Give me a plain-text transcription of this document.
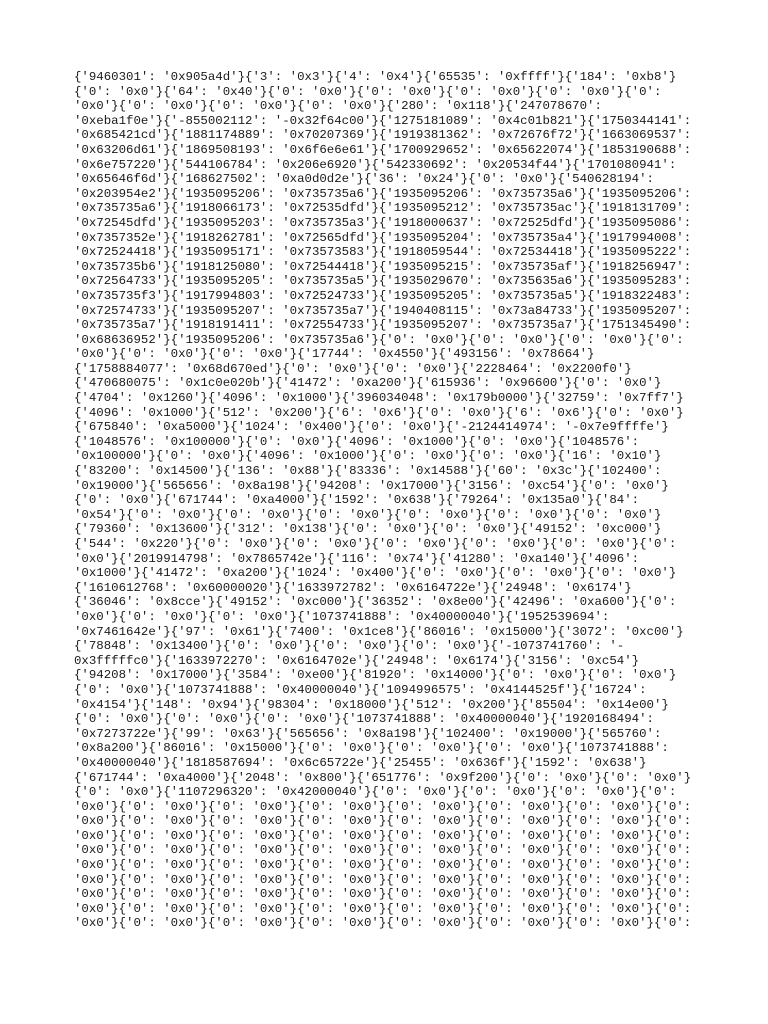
{'9460301': '0x905a4d'}{'3': '0x3'}{'4': '0x4'}{'65535': '0xffff'}{'184': '0xb8'}
{'0': '0x0'}{'64': '0x40'}{'0': '0x0'}{'0': '0x0'}{'0': '0x0'}{'0': '0x0'}{'0':
'0x0'}{'0': '0x0'}{'0': '0x0'}{'0': '0x0'}{'280': '0x118'}{'247078670':
'0xeba1f0e'}{'-855002112': '-0x32f64c00'}{'1275181089': '0x4c01b821'}{'1750344141':
'0x685421cd'}{'1881174889': '0x70207369'}{'1919381362': '0x72676f72'}{'1663069537':
'0x63206d61'}{'1869508193': '0x6f6e6e61'}{'1700929652': '0x65622074'}{'1853190688':
'0x6e757220'}{'544106784': '0x206e6920'}{'542330692': '0x20534f44'}{'1701080941':
'0x65646f6d'}{'168627502': '0xa0d0d2e'}{'36': '0x24'}{'0': '0x0'}{'540628194':
'0x203954e2'}{'1935095206': '0x735735a6'}{'1935095206': '0x735735a6'}{'1935095206':
'0x735735a6'}{'1918066173': '0x72535dfd'}{'1935095212': '0x735735ac'}{'1918131709':
'0x72545dfd'}{'1935095203': '0x735735a3'}{'1918000637': '0x72525dfd'}{'1935095086':
'0x7357352e'}{'1918262781': '0x72565dfd'}{'1935095204': '0x735735a4'}{'1917994008':
'0x72524418'}{'1935095171': '0x73573583'}{'1918059544': '0x72534418'}{'1935095222':
'0x735735b6'}{'1918125080': '0x72544418'}{'1935095215': '0x735735af'}{'1918256947':
'0x72564733'}{'1935095205': '0x735735a5'}{'1935029670': '0x735635a6'}{'1935095283':
'0x735735f3'}{'1917994803': '0x72524733'}{'1935095205': '0x735735a5'}{'1918322483':
'0x72574733'}{'1935095207': '0x735735a7'}{'1940408115': '0x73a84733'}{'1935095207':
'0x735735a7'}{'1918191411': '0x72554733'}{'1935095207': '0x735735a7'}{'1751345490':
'0x68636952'}{'1935095206': '0x735735a6'}{'0': '0x0'}{'0': '0x0'}{'0': '0x0'}{'0':
'0x0'}{'0': '0x0'}{'0': '0x0'}{'17744': '0x4550'}{'493156': '0x78664'}
{'1758884077': '0x68d670ed'}{'0': '0x0'}{'0': '0x0'}{'2228464': '0x2200f0'}
{'470680075': '0x1c0e020b'}{'41472': '0xa200'}{'615936': '0x96600'}{'0': '0x0'}
{'4704': '0x1260'}{'4096': '0x1000'}{'396034048': '0x179b0000'}{'32759': '0x7ff7'}
{'4096': '0x1000'}{'512': '0x200'}{'6': '0x6'}{'0': '0x0'}{'6': '0x6'}{'0': '0x0'}
{'675840': '0xa5000'}{'1024': '0x400'}{'0': '0x0'}{'-2124414974': '-0x7e9ffffe'}
{'1048576': '0x100000'}{'0': '0x0'}{'4096': '0x1000'}{'0': '0x0'}{'1048576':
'0x100000'}{'0': '0x0'}{'4096': '0x1000'}{'0': '0x0'}{'0': '0x0'}{'16': '0x10'}
{'83200': '0x14500'}{'136': '0x88'}{'83336': '0x14588'}{'60': '0x3c'}{'102400':
'0x19000'}{'565656': '0x8a198'}{'94208': '0x17000'}{'3156': '0xc54'}{'0': '0x0'}
{'0': '0x0'}{'671744': '0xa4000'}{'1592': '0x638'}{'79264': '0x135a0'}{'84':
'0x54'}{'0': '0x0'}{'0': '0x0'}{'0': '0x0'}{'0': '0x0'}{'0': '0x0'}{'0': '0x0'}
{'79360': '0x13600'}{'312': '0x138'}{'0': '0x0'}{'0': '0x0'}{'49152': '0xc000'}
{'544': '0x220'}{'0': '0x0'}{'0': '0x0'}{'0': '0x0'}{'0': '0x0'}{'0': '0x0'}{'0':
'0x0'}{'2019914798': '0x7865742e'}{'116': '0x74'}{'41280': '0xa140'}{'4096':
'0x1000'}{'41472': '0xa200'}{'1024': '0x400'}{'0': '0x0'}{'0': '0x0'}{'0': '0x0'}
{'1610612768': '0x60000020'}{'1633972782': '0x6164722e'}{'24948': '0x6174'}
{'36046': '0x8cce'}{'49152': '0xc000'}{'36352': '0x8e00'}{'42496': '0xa600'}{'0':
'0x0'}{'0': '0x0'}{'0': '0x0'}{'1073741888': '0x40000040'}{'1952539694':
'0x7461642e'}{'97': '0x61'}{'7400': '0x1ce8'}{'86016': '0x15000'}{'3072': '0xc00'}
{'78848': '0x13400'}{'0': '0x0'}{'0': '0x0'}{'0': '0x0'}{'-1073741760': '-
0x3fffffc0'}{'1633972270': '0x6164702e'}{'24948': '0x6174'}{'3156': '0xc54'}
{'94208': '0x17000'}{'3584': '0xe00'}{'81920': '0x14000'}{'0': '0x0'}{'0': '0x0'}
{'0': '0x0'}{'1073741888': '0x40000040'}{'1094996575': '0x4144525f'}{'16724':
'0x4154'}{'148': '0x94'}{'98304': '0x18000'}{'512': '0x200'}{'85504': '0x14e00'}
{'0': '0x0'}{'0': '0x0'}{'0': '0x0'}{'1073741888': '0x40000040'}{'1920168494':
'0x7273722e'}{'99': '0x63'}{'565656': '0x8a198'}{'102400': '0x19000'}{'565760':
'0x8a200'}{'86016': '0x15000'}{'0': '0x0'}{'0': '0x0'}{'0': '0x0'}{'1073741888':
'0x40000040'}{'1818587694': '0x6c65722e'}{'25455': '0x636f'}{'1592': '0x638'}
{'671744': '0xa4000'}{'2048': '0x800'}{'651776': '0x9f200'}{'0': '0x0'}{'0': '0x0'}
{'0': '0x0'}{'1107296320': '0x42000040'}{'0': '0x0'}{'0': '0x0'}{'0': '0x0'}{'0':
'0x0'}{'0': '0x0'}{'0': '0x0'}{'0': '0x0'}{'0': '0x0'}{'0': '0x0'}{'0': '0x0'}{'0':
'0x0'}{'0': '0x0'}{'0': '0x0'}{'0': '0x0'}{'0': '0x0'}{'0': '0x0'}{'0': '0x0'}{'0':
'0x0'}{'0': '0x0'}{'0': '0x0'}{'0': '0x0'}{'0': '0x0'}{'0': '0x0'}{'0': '0x0'}{'0':
'0x0'}{'0': '0x0'}{'0': '0x0'}{'0': '0x0'}{'0': '0x0'}{'0': '0x0'}{'0': '0x0'}{'0':
'0x0'}{'0': '0x0'}{'0': '0x0'}{'0': '0x0'}{'0': '0x0'}{'0': '0x0'}{'0': '0x0'}{'0':
'0x0'}{'0': '0x0'}{'0': '0x0'}{'0': '0x0'}{'0': '0x0'}{'0': '0x0'}{'0': '0x0'}{'0':
'0x0'}{'0': '0x0'}{'0': '0x0'}{'0': '0x0'}{'0': '0x0'}{'0': '0x0'}{'0': '0x0'}{'0':
'0x0'}{'0': '0x0'}{'0': '0x0'}{'0': '0x0'}{'0': '0x0'}{'0': '0x0'}{'0': '0x0'}{'0':
'0x0'}{'0': '0x0'}{'0': '0x0'}{'0': '0x0'}{'0': '0x0'}{'0': '0x0'}{'0': '0x0'}{'0':
